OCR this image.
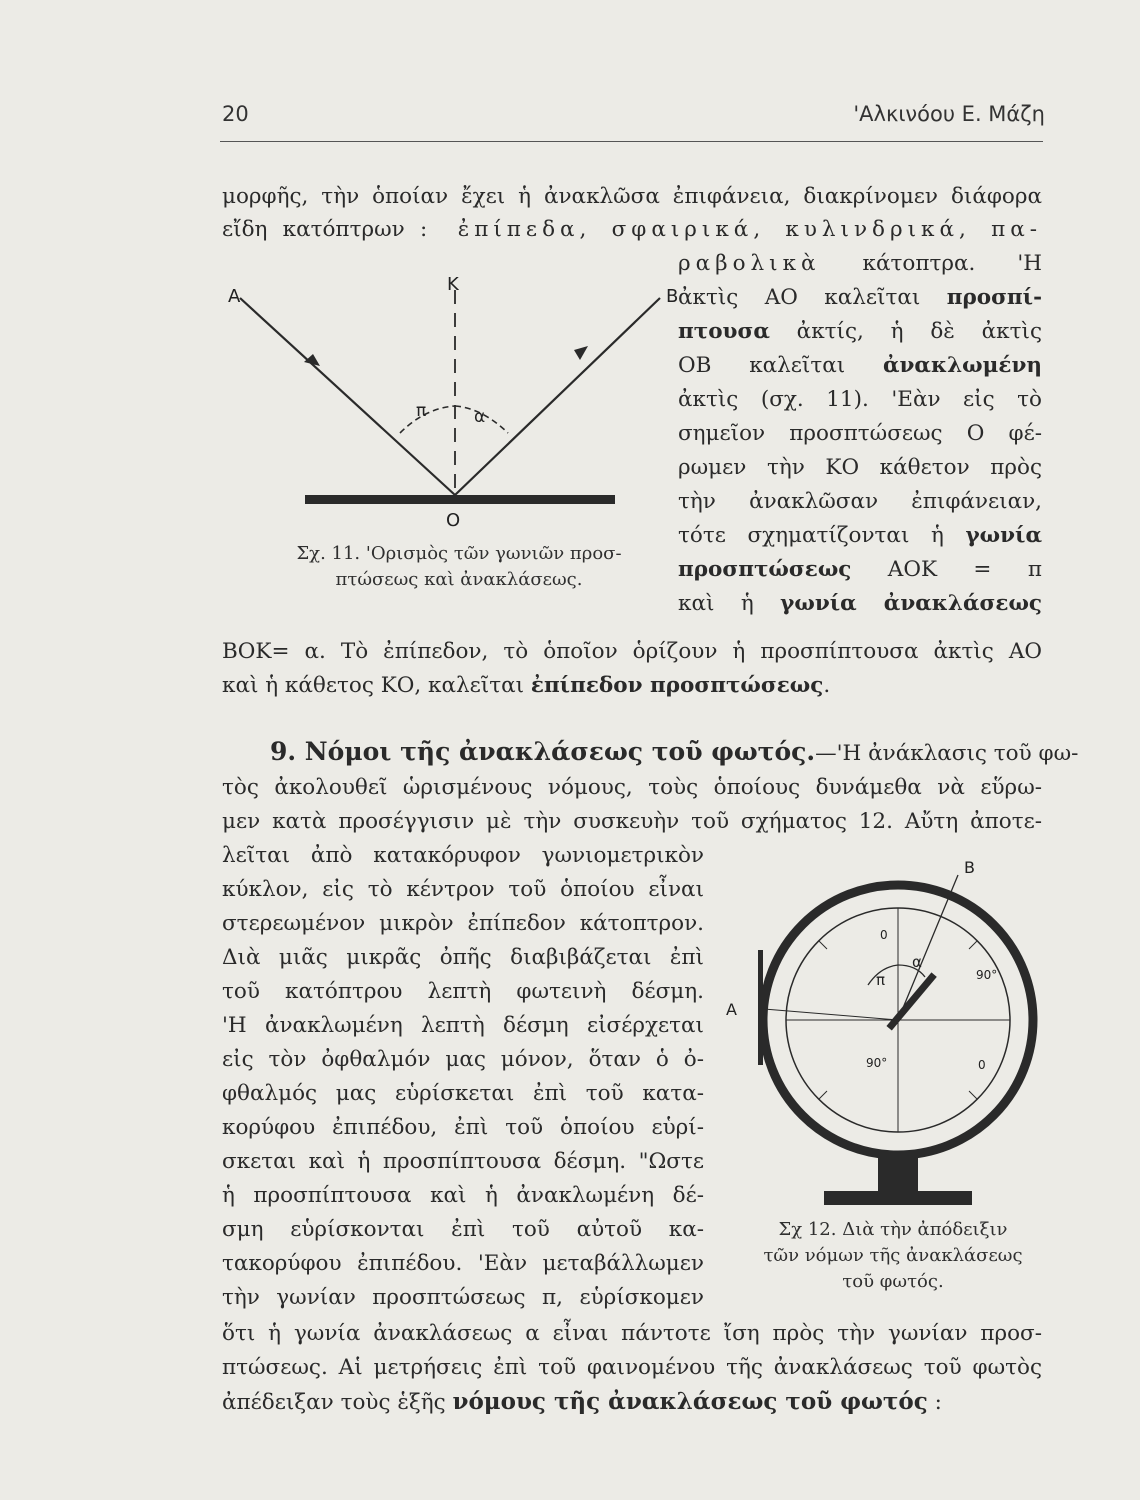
20	'Αλκινόου Ε. Μάζη
μορφῆς, τὴν ὁποίαν ἔχει ἡ ἀνακλῶσα ἐπιφάνεια, διακρίνομεν διάφορα
εἴδη κατόπτρων : ἐπίπεδα, σφαιρικά, κυλινδρικά, πα-
ραβολικὰ κάτοπτρα. 'Η
ἀκτὶς ΑΟ καλεῖται προσπί-
πτουσα ἀκτίς, ἡ δὲ ἀκτὶς
ΟΒ καλεῖται ἀνακλωμένη
ἀκτὶς (σχ. 11). 'Εὰν εἰς τὸ
σημεῖον προσπτώσεως Ο φέ-
ρωμεν τὴν ΚΟ κάθετον πρὸς
τὴν ἀνακλῶσαν ἐπιφάνειαν,
τότε σχηματίζονται ἡ γωνία
προσπτώσεως ΑΟΚ = π
καὶ ἡ γωνία ἀνακλάσεως
ΒΟΚ= α. Τὸ ἐπίπεδον, τὸ ὁποῖον ὁρίζουν ἡ προσπίπτουσα ἀκτὶς ΑΟ
καὶ ἡ κάθετος ΚΟ, καλεῖται ἐπίπεδον προσπτώσεως.
9. Νόμοι τῆς ἀνακλάσεως τοῦ φωτός.—'Η ἀνάκλασις τοῦ φω-
τὸς ἀκολουθεῖ ὡρισμένους νόμους, τοὺς ὁποίους δυνάμεθα νὰ εὕρω-
μεν κατὰ προσέγγισιν μὲ τὴν συσκευὴν τοῦ σχήματος 12. Αὔτη ἀποτε-
λεῖται ἀπὸ κατακόρυφον γωνιομετρικὸν
κύκλον, εἰς τὸ κέντρον τοῦ ὁποίου εἶναι
στερεωμένον μικρὸν ἐπίπεδον κάτοπτρον.
Διὰ μιᾶς μικρᾶς ὀπῆς διαβιβάζεται ἐπὶ
τοῦ κατόπτρου λεπτὴ φωτεινὴ δέσμη.
'Η ἀνακλωμένη λεπτὴ δέσμη εἰσέρχεται
εἰς τὸν ὀφθαλμόν μας μόνον, ὅταν ὁ ὀ-
φθαλμός μας εὑρίσκεται ἐπὶ τοῦ κατα-
κορύφου ἐπιπέδου, ἐπὶ τοῦ ὁποίου εὑρί-
σκεται καὶ ἡ προσπίπτουσα δέσμη. "Ωστε
ἡ προσπίπτουσα καὶ ἡ ἀνακλωμένη δέ-
σμη εὑρίσκονται ἐπὶ τοῦ αὐτοῦ κα-
τακορύφου ἐπιπέδου. 'Εὰν μεταβάλλωμεν
τὴν γωνίαν προσπτώσεως π, εὑρίσκομεν
ὅτι ἡ γωνία ἀνακλάσεως α εἶναι πάντοτε ἴση πρὸς τὴν γωνίαν προσ-
πτώσεως. Αἱ μετρήσεις ἐπὶ τοῦ φαινομένου τῆς ἀνακλάσεως τοῦ φωτὸς
ἀπέδειξαν τοὺς ἑξῆς νόμους τῆς ἀνακλάσεως τοῦ φωτός :
A
K
B
π	α
O
Σχ. 11. 'Ορισμὸς τῶν γωνιῶν προσ-
πτώσεως καὶ ἀνακλάσεως.
A
B
0
0
90°
90°
π
α
Σχ 12. Διὰ τὴν ἀπόδειξιν
τῶν νόμων τῆς ἀνακλάσεως
τοῦ φωτός.
